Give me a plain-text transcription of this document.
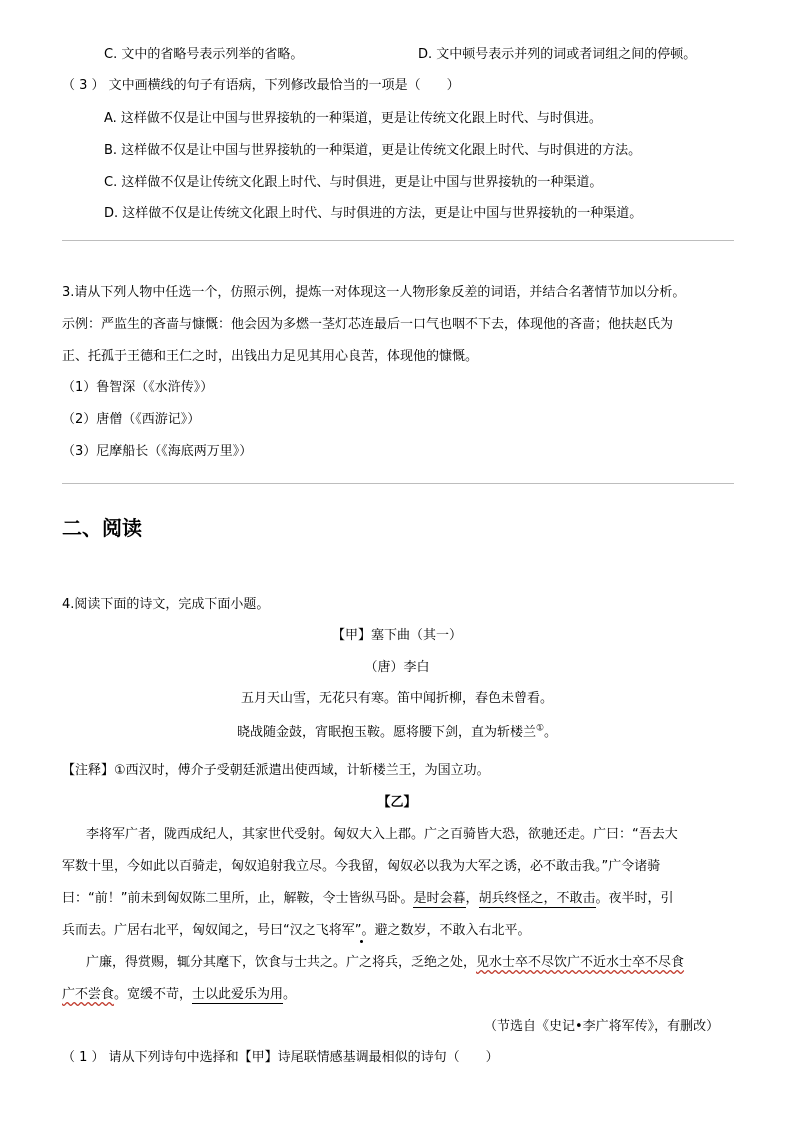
C. 文中的省略号表示列举的省略。	D. 文中顿号表示并列的词或者词组之间的停顿。
（ 3 ） 文中画横线的句子有语病，下列修改最恰当的一项是（　　）
A. 这样做不仅是让中国与世界接轨的一种渠道，更是让传统文化跟上时代、与时俱进。
B. 这样做不仅是让中国与世界接轨的一种渠道，更是让传统文化跟上时代、与时俱进的方法。
C. 这样做不仅是让传统文化跟上时代、与时俱进，更是让中国与世界接轨的一种渠道。
D. 这样做不仅是让传统文化跟上时代、与时俱进的方法，更是让中国与世界接轨的一种渠道。
3.请从下列人物中任选一个，仿照示例，提炼一对体现这一人物形象反差的词语，并结合名著情节加以分析。
示例：严监生的吝啬与慷慨：他会因为多燃一茎灯芯连最后一口气也咽不下去，体现他的吝啬；他扶赵氏为
正、托孤于王德和王仁之时，出钱出力足见其用心良苦，体现他的慷慨。
（1）鲁智深（《水浒传》）
（2）唐僧（《西游记》）
（3）尼摩船长（《海底两万里》）
二、阅读
4.阅读下面的诗文，完成下面小题。
【甲】塞下曲（其一）
（唐）李白
五月天山雪，无花只有寒。笛中闻折柳，春色未曾看。
晓战随金鼓，宵眠抱玉鞍。愿将腰下剑，直为斩楼兰①。
【注释】①西汉时，傅介子受朝廷派遣出使西域，计斩楼兰王，为国立功。
【乙】
李将军广者，陇西成纪人，其家世代受射。匈奴大入上郡。广之百骑皆大恐，欲驰还走。广曰：“吾去大
军数十里，今如此以百骑走，匈奴追射我立尽。今我留，匈奴必以我为大军之诱，必不敢击我。”广令诸骑
曰：“前！”前未到匈奴陈二里所，止，解鞍，令士皆纵马卧。是时会暮，胡兵终怪之，不敢击。夜半时，引
兵而去。广居右北平，匈奴闻之，号曰“汉之飞将军”。避之数岁，不敢入右北平。
广廉，得赏赐，辄分其麾下，饮食与士共之。广之将兵，乏绝之处，见水士卒不尽饮广不近水士卒不尽食
广不尝食。宽缓不苛，士以此爱乐为用。
（节选自《史记•李广将军传》，有删改）
（ 1 ） 请从下列诗句中选择和【甲】诗尾联情感基调最相似的诗句（　　）
